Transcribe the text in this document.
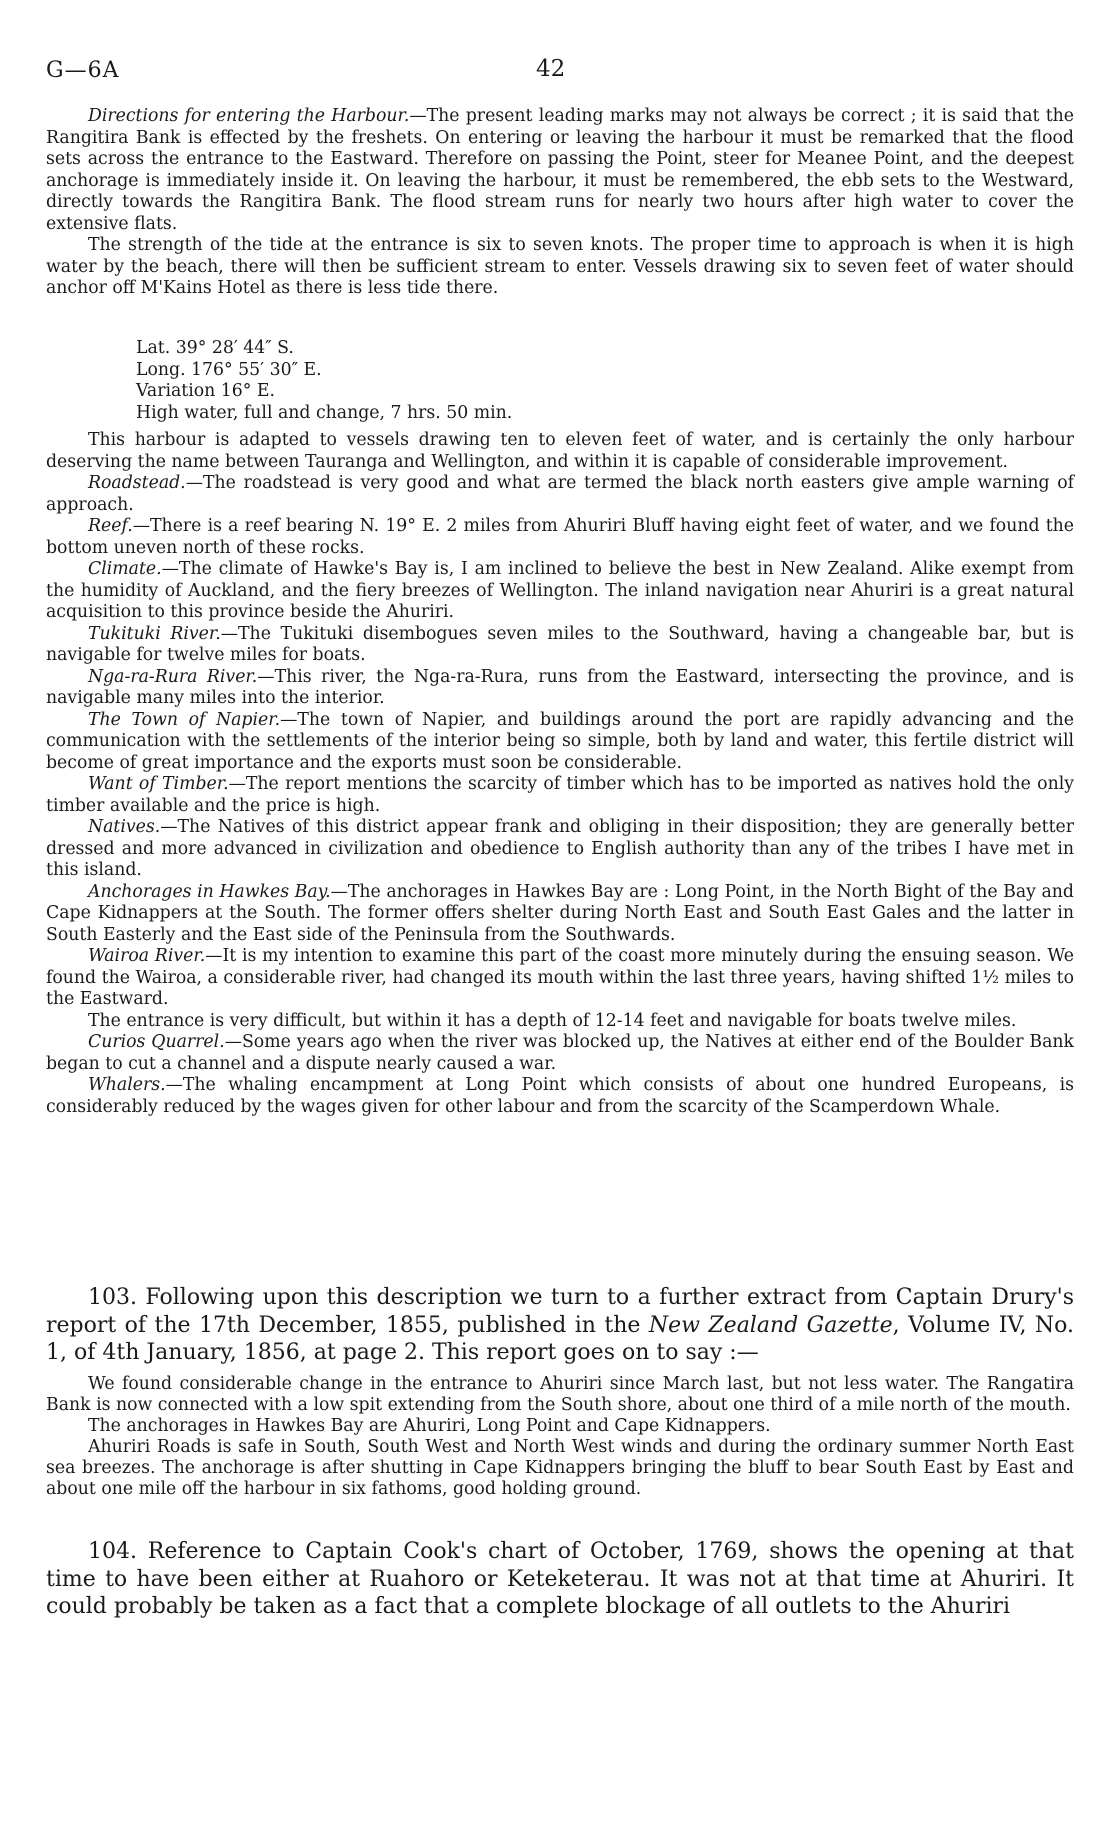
G—6A	42

Directions for entering the Harbour.—The present leading marks may not always be correct ; it is said that the Rangitira Bank is effected by the freshets. On entering or leaving the harbour it must be remarked that the flood sets across the entrance to the Eastward. Therefore on passing the Point, steer for Meanee Point, and the deepest anchorage is immediately inside it. On leaving the harbour, it must be remembered, the ebb sets to the Westward, directly towards the Rangitira Bank. The flood stream runs for nearly two hours after high water to cover the extensive flats.

The strength of the tide at the entrance is six to seven knots. The proper time to approach is when it is high water by the beach, there will then be sufficient stream to enter. Vessels drawing six to seven feet of water should anchor off M'Kains Hotel as there is less tide there.

Lat. 39° 28′ 44″ S.
Long. 176° 55′ 30″ E.
Variation 16° E.
High water, full and change, 7 hrs. 50 min.

This harbour is adapted to vessels drawing ten to eleven feet of water, and is certainly the only harbour deserving the name between Tauranga and Wellington, and within it is capable of considerable improvement.

Roadstead.—The roadstead is very good and what are termed the black north easters give ample warning of approach.

Reef.—There is a reef bearing N. 19° E. 2 miles from Ahuriri Bluff having eight feet of water, and we found the bottom uneven north of these rocks.

Climate.—The climate of Hawke's Bay is, I am inclined to believe the best in New Zealand. Alike exempt from the humidity of Auckland, and the fiery breezes of Wellington. The inland navigation near Ahuriri is a great natural acquisition to this province beside the Ahuriri.

Tukituki River.—The Tukituki disembogues seven miles to the Southward, having a changeable bar, but is navigable for twelve miles for boats.

Nga-ra-Rura River.—This river, the Nga-ra-Rura, runs from the Eastward, intersecting the province, and is navigable many miles into the interior.

The Town of Napier.—The town of Napier, and buildings around the port are rapidly advancing and the communication with the settlements of the interior being so simple, both by land and water, this fertile district will become of great importance and the exports must soon be considerable.

Want of Timber.—The report mentions the scarcity of timber which has to be imported as natives hold the only timber available and the price is high.

Natives.—The Natives of this district appear frank and obliging in their disposition; they are generally better dressed and more advanced in civilization and obedience to English authority than any of the tribes I have met in this island.

Anchorages in Hawkes Bay.—The anchorages in Hawkes Bay are : Long Point, in the North Bight of the Bay and Cape Kidnappers at the South. The former offers shelter during North East and South East Gales and the latter in South Easterly and the East side of the Peninsula from the Southwards.

Wairoa River.—It is my intention to examine this part of the coast more minutely during the ensuing season. We found the Wairoa, a considerable river, had changed its mouth within the last three years, having shifted 1½ miles to the Eastward.

The entrance is very difficult, but within it has a depth of 12-14 feet and navigable for boats twelve miles.

Curios Quarrel.—Some years ago when the river was blocked up, the Natives at either end of the Boulder Bank began to cut a channel and a dispute nearly caused a war.

Whalers.—The whaling encampment at Long Point which consists of about one hundred Europeans, is considerably reduced by the wages given for other labour and from the scarcity of the Scamperdown Whale.

103. Following upon this description we turn to a further extract from Captain Drury's report of the 17th December, 1855, published in the New Zealand Gazette, Volume IV, No. 1, of 4th January, 1856, at page 2. This report goes on to say :—

We found considerable change in the entrance to Ahuriri since March last, but not less water. The Rangatira Bank is now connected with a low spit extending from the South shore, about one third of a mile north of the mouth.

The anchorages in Hawkes Bay are Ahuriri, Long Point and Cape Kidnappers.

Ahuriri Roads is safe in South, South West and North West winds and during the ordinary summer North East sea breezes. The anchorage is after shutting in Cape Kidnappers bringing the bluff to bear South East by East and about one mile off the harbour in six fathoms, good holding ground.

104. Reference to Captain Cook's chart of October, 1769, shows the opening at that time to have been either at Ruahoro or Keteketerau. It was not at that time at Ahuriri. It could probably be taken as a fact that a complete blockage of all outlets to the Ahuriri
